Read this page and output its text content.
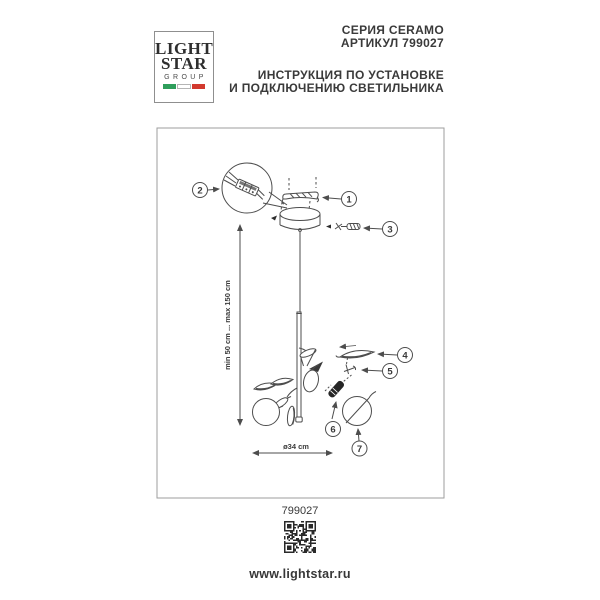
LIGHT
STAR
GROUP
СЕРИЯ CERAMO
АРТИКУЛ 799027
ИНСТРУКЦИЯ ПО УСТАНОВКЕ
И ПОДКЛЮЧЕНИЮ СВЕТИЛЬНИКА
min 50 cm ... max 150 cm
ø34 cm
1
2
3
4
5
6
7
799027
www.lightstar.ru
